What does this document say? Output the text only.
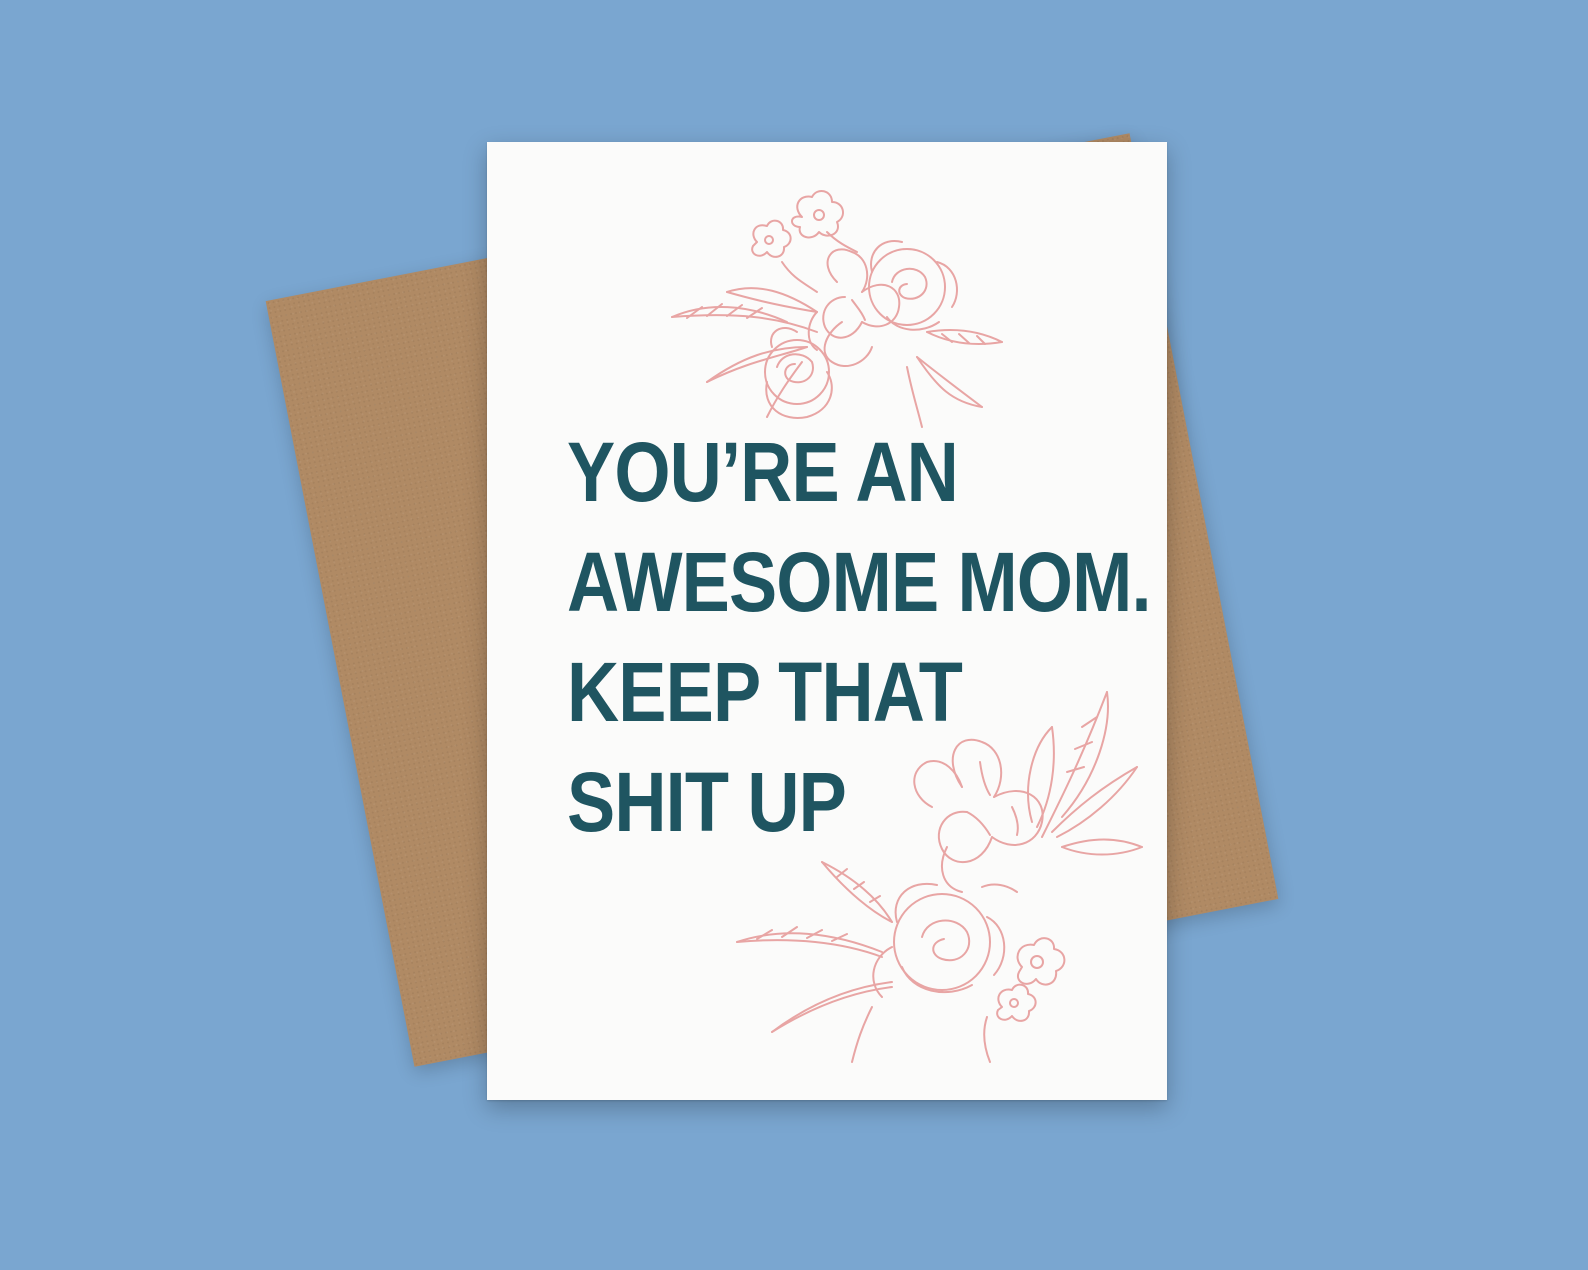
YOU’RE AN
AWESOME MOM.
KEEP THAT
SHIT UP
